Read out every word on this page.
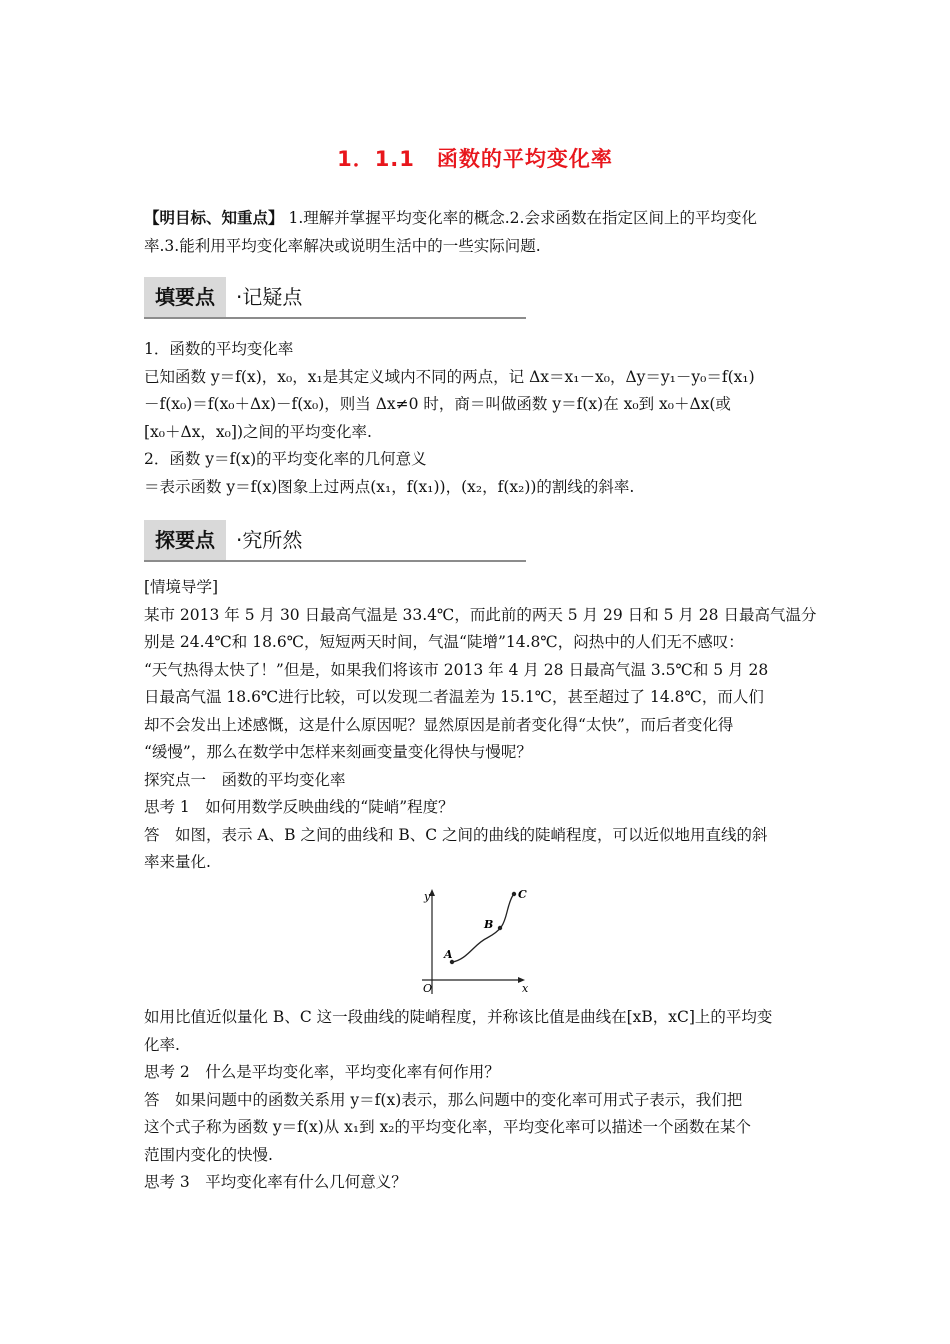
1．1.1 函数的平均变化率
【明目标、知重点】 1.理解并掌握平均变化率的概念.2.会求函数在指定区间上的平均变化
率.3.能利用平均变化率解决或说明生活中的一些实际问题.
填要点	·记疑点
1．函数的平均变化率
已知函数 y＝f(x)，x₀，x₁是其定义域内不同的两点，记 Δx＝x₁－x₀，Δy＝y₁－y₀＝f(x₁)
－f(x₀)＝f(x₀＋Δx)－f(x₀)，则当 Δx≠0 时，商＝叫做函数 y＝f(x)在 x₀到 x₀＋Δx(或
[x₀＋Δx，x₀])之间的平均变化率.
2．函数 y＝f(x)的平均变化率的几何意义
＝表示函数 y＝f(x)图象上过两点(x₁，f(x₁))，(x₂，f(x₂))的割线的斜率.
探要点	·究所然
[情境导学]
某市 2013 年 5 月 30 日最高气温是 33.4℃，而此前的两天 5 月 29 日和 5 月 28 日最高气温分
别是 24.4℃和 18.6℃，短短两天时间，气温“陡增”14.8℃，闷热中的人们无不感叹：
“天气热得太快了！”但是，如果我们将该市 2013 年 4 月 28 日最高气温 3.5℃和 5 月 28
日最高气温 18.6℃进行比较，可以发现二者温差为 15.1℃，甚至超过了 14.8℃，而人们
却不会发出上述感慨，这是什么原因呢？显然原因是前者变化得“太快”，而后者变化得
“缓慢”，那么在数学中怎样来刻画变量变化得快与慢呢？
探究点一　函数的平均变化率
思考 1　如何用数学反映曲线的“陡峭”程度？
答　如图，表示 A、B 之间的曲线和 B、C 之间的曲线的陡峭程度，可以近似地用直线的斜
率来量化.
y
x
O
A
B
C
如用比值近似量化 B、C 这一段曲线的陡峭程度，并称该比值是曲线在[xB，xC]上的平均变
化率.
思考 2　什么是平均变化率，平均变化率有何作用？
答　如果问题中的函数关系用 y＝f(x)表示，那么问题中的变化率可用式子表示，我们把
这个式子称为函数 y＝f(x)从 x₁到 x₂的平均变化率，平均变化率可以描述一个函数在某个
范围内变化的快慢.
思考 3　平均变化率有什么几何意义？
